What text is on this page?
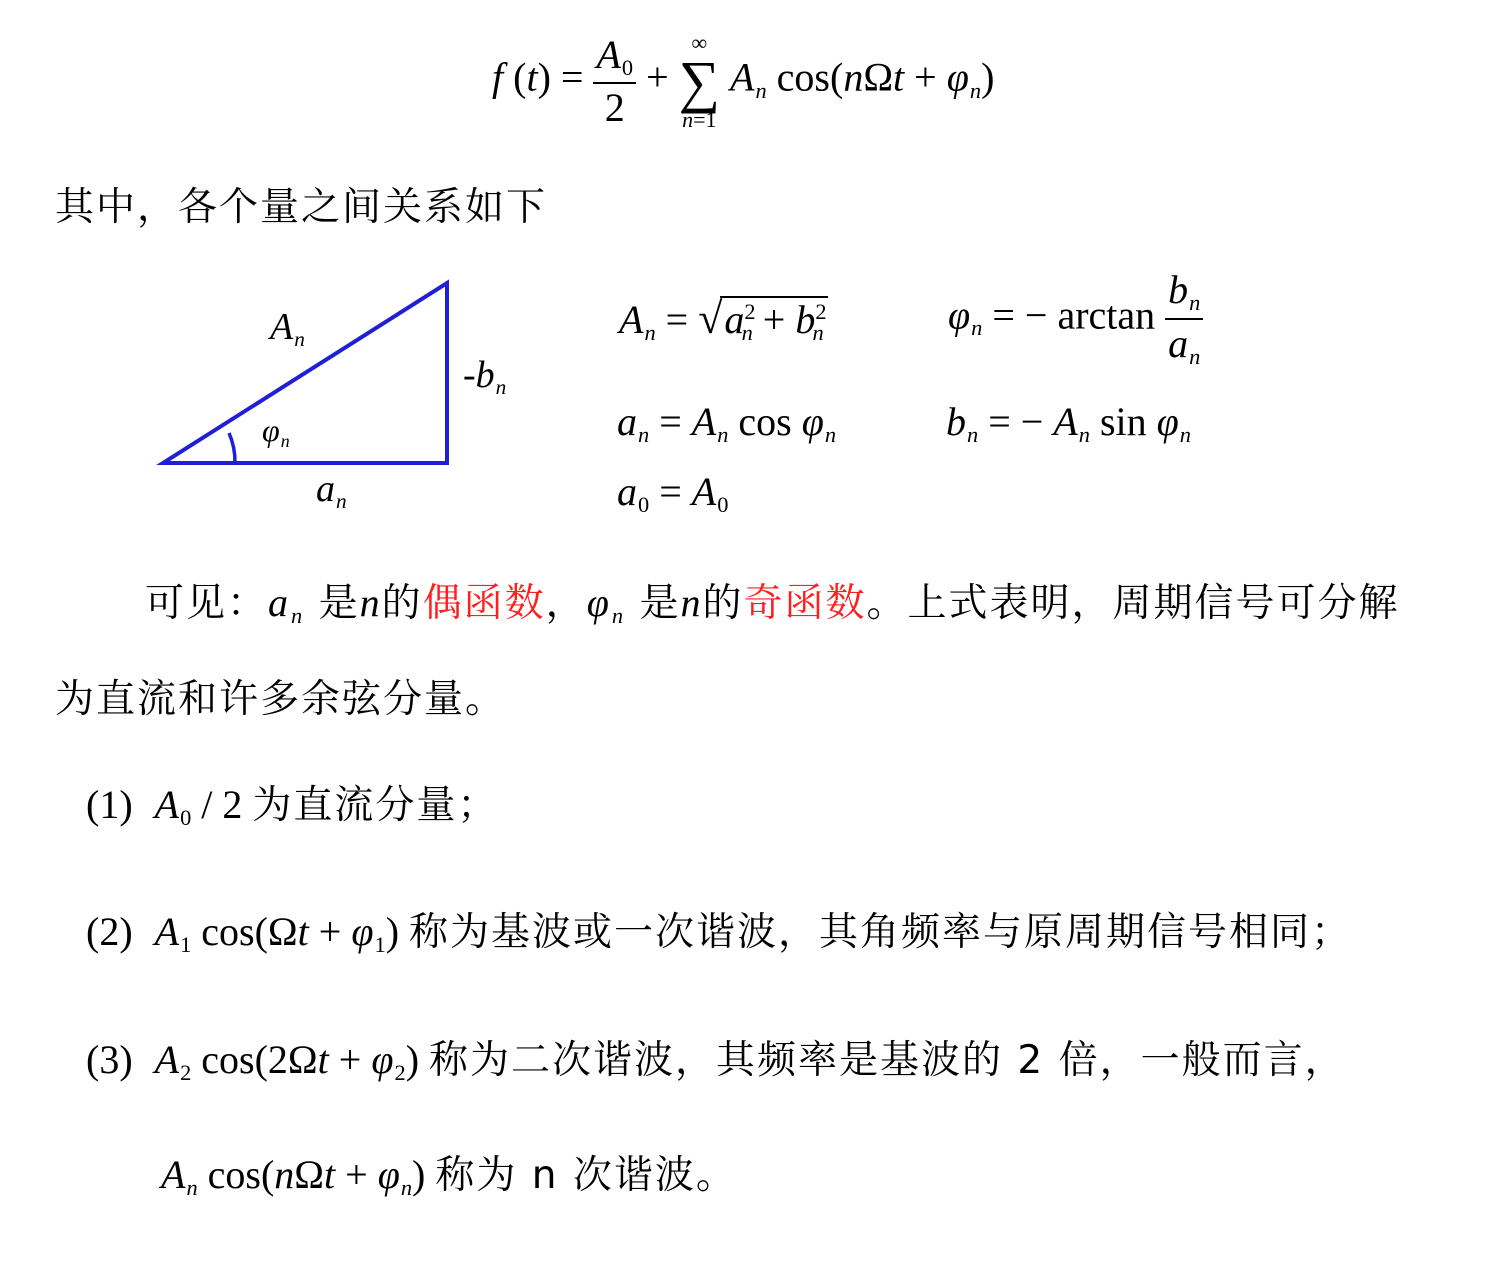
f $(t) = \frac{A0}{2}$ +
∞
∑
n=1
$A_n$ $\cos(n\Omega t + \varphi_n)$
其中，各个量之间关系如下
$A_n$
$-b_n$
$\varphi_n$
$a_n$
$A_n = √a^2_n + b^2_n$	$\varphi_n$ = − $\arctan \frac{b_n}{a_n}$
$a_n = A_n$ $\cos \varphi_n$	$b_n$ = − $A_n$ $\sin \varphi_n$
a0 = A0
可见：$a_n$ 是n的偶函数，$\varphi_n$ 是n的奇函数。上式表明，周期信号可分解
为直流和许多余弦分量。
(1) A0 / 2 为直流分量；
(2) A1 cos(Ωt + φ1) 称为基波或一次谐波，其角频率与原周期信号相同；
(3) A2 cos(2Ωt + φ2) 称为二次谐波，其频率是基波的 2 倍，一般而言，
$A_n$ $\cos(n\Omega t + \varphi_n)$ 称为 n 次谐波。
